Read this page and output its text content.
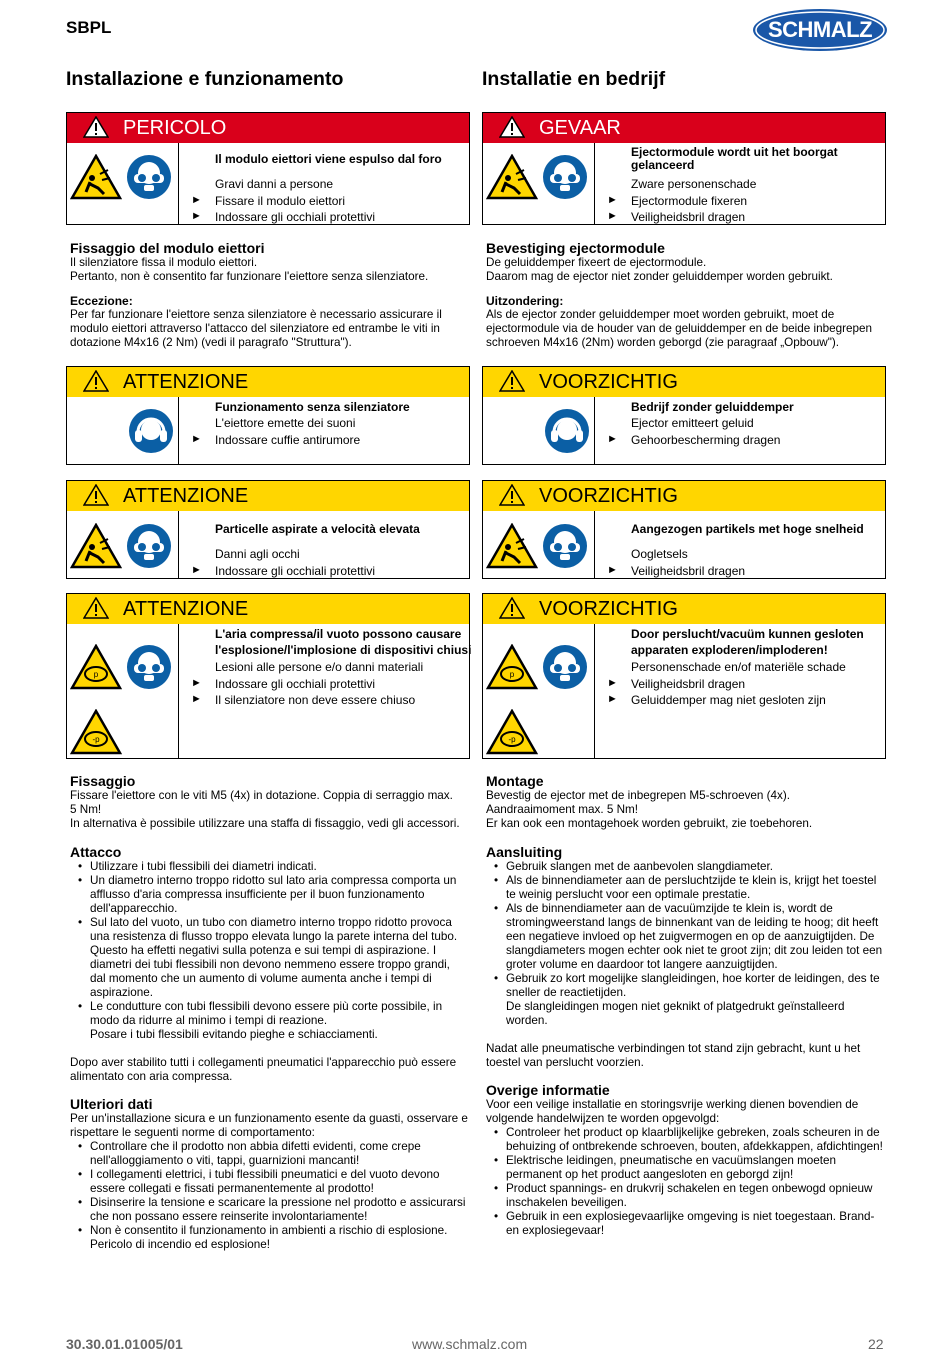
SBPL	SCHMALZ
Installazione e funzionamento
PERICOLO
Il modulo eiettori viene espulso dal foro
Gravi danni a persone
► Fissare il modulo eiettori
► Indossare gli occhiali protettivi
Fissaggio del modulo eiettori

Il silenziatore fissa il modulo eiettori.

Pertanto, non è consentito far funzionare l'eiettore senza silenziatore.

Eccezione:

Per far funzionare l'eiettore senza silenziatore è necessario assicurare il

modulo eiettori attraverso l'attacco del silenziatore ed entrambe le viti in

dotazione M4x16 (2 Nm) (vedi il paragrafo "Struttura").

ATTENZIONE
Funzionamento senza silenziatore
L'eiettore emette dei suoni
► Indossare cuffie antirumore
ATTENZIONE
Particelle aspirate a velocità elevata
Danni agli occhi
► Indossare gli occhiali protettivi
ATTENZIONE
p
-p
L'aria compressa/il vuoto possono causare
l'esplosione/l'implosione di dispositivi chiusi
Lesioni alle persone e/o danni materiali
► Indossare gli occhiali protettivi
► Il silenziatore non deve essere chiuso
Fissaggio

Fissare l'eiettore con le viti M5 (4x) in dotazione. Coppia di serraggio max.

5 Nm!

In alternativa è possibile utilizzare una staffa di fissaggio, vedi gli accessori.

Attacco
• Utilizzare i tubi flessibili dei diametri indicati.
• Un diametro interno troppo ridotto sul lato aria compressa comporta un afflusso d'aria compressa insufficiente per il buon funzionamento dell'apparecchio.
• Sul lato del vuoto, un tubo con diametro interno troppo ridotto provoca una resistenza di flusso troppo elevata lungo la parete interna del tubo. Questo ha effetti negativi sulla potenza e sui tempi di aspirazione. I diametri dei tubi flessibili non devono nemmeno essere troppo grandi, dal momento che un aumento di volume aumenta anche i tempi di aspirazione.
• Le condutture con tubi flessibili devono essere più corte possibile, in modo da ridurre al minimo i tempi di reazione.

Posare i tubi flessibili evitando pieghe e schiacciamenti.

Dopo aver stabilito tutti i collegamenti pneumatici l'apparecchio può essere alimentato con aria compressa.

Ulteriori dati

Per un'installazione sicura e un funzionamento esente da guasti, osservare e rispettare le seguenti norme di comportamento:

• Controllare che il prodotto non abbia difetti evidenti, come crepe nell'alloggiamento o viti, tappi, guarnizioni mancanti!
• I collegamenti elettrici, i tubi flessibili pneumatici e del vuoto devono essere collegati e fissati permanentemente al prodotto!
• Disinserire la tensione e scaricare la pressione nel prodotto e assicurarsi che non possano essere reinserite involontariamente!
• Non è consentito il funzionamento in ambienti a rischio di esplosione. Pericolo di incendio ed esplosione!
Installatie en bedrijf
GEVAAR
Ejectormodule wordt uit het boorgat
gelanceerd
Zware personenschade
► Ejectormodule fixeren
► Veiligheidsbril dragen
Bevestiging ejectormodule

De geluiddemper fixeert de ejectormodule.

Daarom mag de ejector niet zonder geluiddemper worden gebruikt.

Uitzondering:

Als de ejector zonder geluiddemper moet worden gebruikt, moet de

ejectormodule via de houder van de geluiddemper en de beide inbegrepen

schroeven M4x16 (2Nm) worden geborgd (zie paragraaf „Opbouw").

VOORZICHTIG
Bedrijf zonder geluiddemper
Ejector emitteert geluid
► Gehoorbescherming dragen
VOORZICHTIG
Aangezogen partikels met hoge snelheid
Oogletsels
► Veiligheidsbril dragen
VOORZICHTIG
p
-p
Door perslucht/vacuüm kunnen gesloten
apparaten exploderen/imploderen!
Personenschade en/of materiële schade
► Veiligheidsbril dragen
► Geluiddemper mag niet gesloten zijn
Montage

Bevestig de ejector met de inbegrepen M5-schroeven (4x).

Aandraaimoment max. 5 Nm!

Er kan ook een montagehoek worden gebruikt, zie toebehoren.

Aansluiting
• Gebruik slangen met de aanbevolen slangdiameter.
• Als de binnendiameter aan de persluchtzijde te klein is, krijgt het toestel te weinig perslucht voor een optimale prestatie.
• Als de binnendiameter aan de vacuümzijde te klein is, wordt de stromingweerstand langs de binnenkant van de leiding te hoog; dit heeft een negatieve invloed op het zuigvermogen en op de aanzuigtijden. De slangdiameters mogen echter ook niet te groot zijn; dit zou leiden tot een groter volume en daardoor tot langere aanzuigtijden.
• Gebruik zo kort mogelijke slangleidingen, hoe korter de leidingen, des te sneller de reactietijden.

De slangleidingen mogen niet geknikt of platgedrukt geïnstalleerd worden.

Nadat alle pneumatische verbindingen tot stand zijn gebracht, kunt u het toestel van perslucht voorzien.

Overige informatie

Voor een veilige installatie en storingsvrije werking dienen bovendien de volgende handelwijzen te worden opgevolgd:

• Controleer het product op klaarblijkelijke gebreken, zoals scheuren in de behuizing of ontbrekende schroeven, bouten, afdekkappen, afdichtingen!
• Elektrische leidingen, pneumatische en vacuümslangen moeten permanent op het product aangesloten en geborgd zijn!
• Product spannings- en drukvrij schakelen en tegen onbewogd opnieuw inschakelen beveiligen.
• Gebruik in een explosiegevaarlijke omgeving is niet toegestaan. Brand- en explosiegevaar!
30.30.01.01005/01	www.schmalz.com	22
